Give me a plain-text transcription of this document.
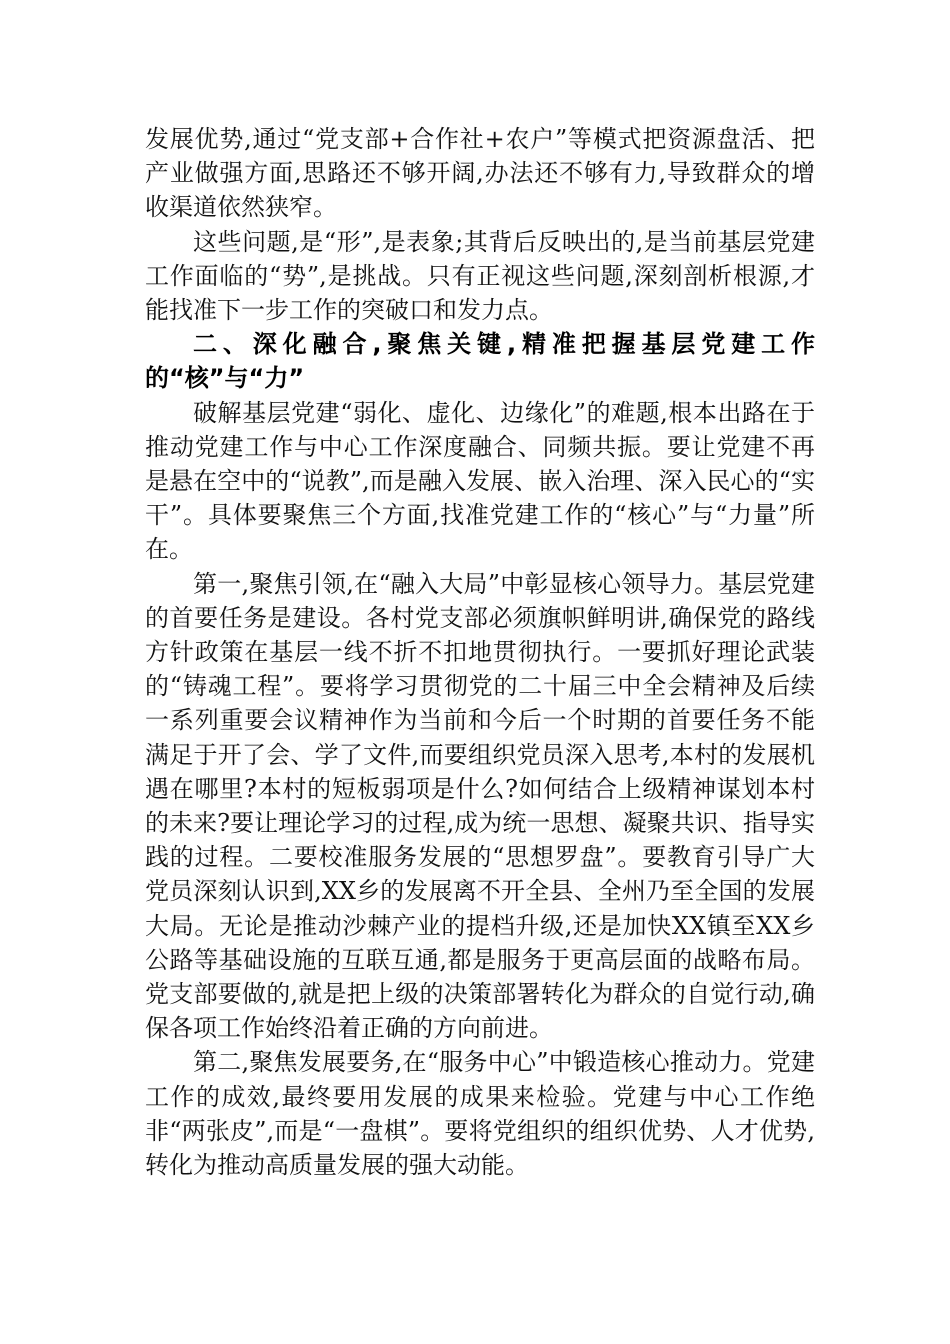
发展优势,通过“党支部+合作社+农户”等模式把资源盘活、把产业做强方面,思路还不够开阔,办法还不够有力,导致群众的增收渠道依然狭窄。

这些问题,是“形”,是表象;其背后反映出的,是当前基层党建工作面临的“势”,是挑战。只有正视这些问题,深刻剖析根源,才能找准下一步工作的突破口和发力点。

二、深化融合,聚焦关键,精准把握基层党建工作的“核”与“力”

破解基层党建“弱化、虚化、边缘化”的难题,根本出路在于推动党建工作与中心工作深度融合、同频共振。要让党建不再是悬在空中的“说教”,而是融入发展、嵌入治理、深入民心的“实干”。具体要聚焦三个方面,找准党建工作的“核心”与“力量”所在。

第一,聚焦引领,在“融入大局”中彰显核心领导力。基层党建的首要任务是建设。各村党支部必须旗帜鲜明讲,确保党的路线方针政策在基层一线不折不扣地贯彻执行。一要抓好理论武装的“铸魂工程”。要将学习贯彻党的二十届三中全会精神及后续一系列重要会议精神作为当前和今后一个时期的首要任务不能满足于开了会、学了文件,而要组织党员深入思考,本村的发展机遇在哪里?本村的短板弱项是什么?如何结合上级精神谋划本村的未来?要让理论学习的过程,成为统一思想、凝聚共识、指导实践的过程。二要校准服务发展的“思想罗盘”。要教育引导广大党员深刻认识到,XX乡的发展离不开全县、全州乃至全国的发展大局。无论是推动沙棘产业的提档升级,还是加快XX镇至XX乡公路等基础设施的互联互通,都是服务于更高层面的战略布局。党支部要做的,就是把上级的决策部署转化为群众的自觉行动,确保各项工作始终沿着正确的方向前进。

第二,聚焦发展要务,在“服务中心”中锻造核心推动力。党建工作的成效,最终要用发展的成果来检验。党建与中心工作绝非“两张皮”,而是“一盘棋”。要将党组织的组织优势、人才优势,转化为推动高质量发展的强大动能。
